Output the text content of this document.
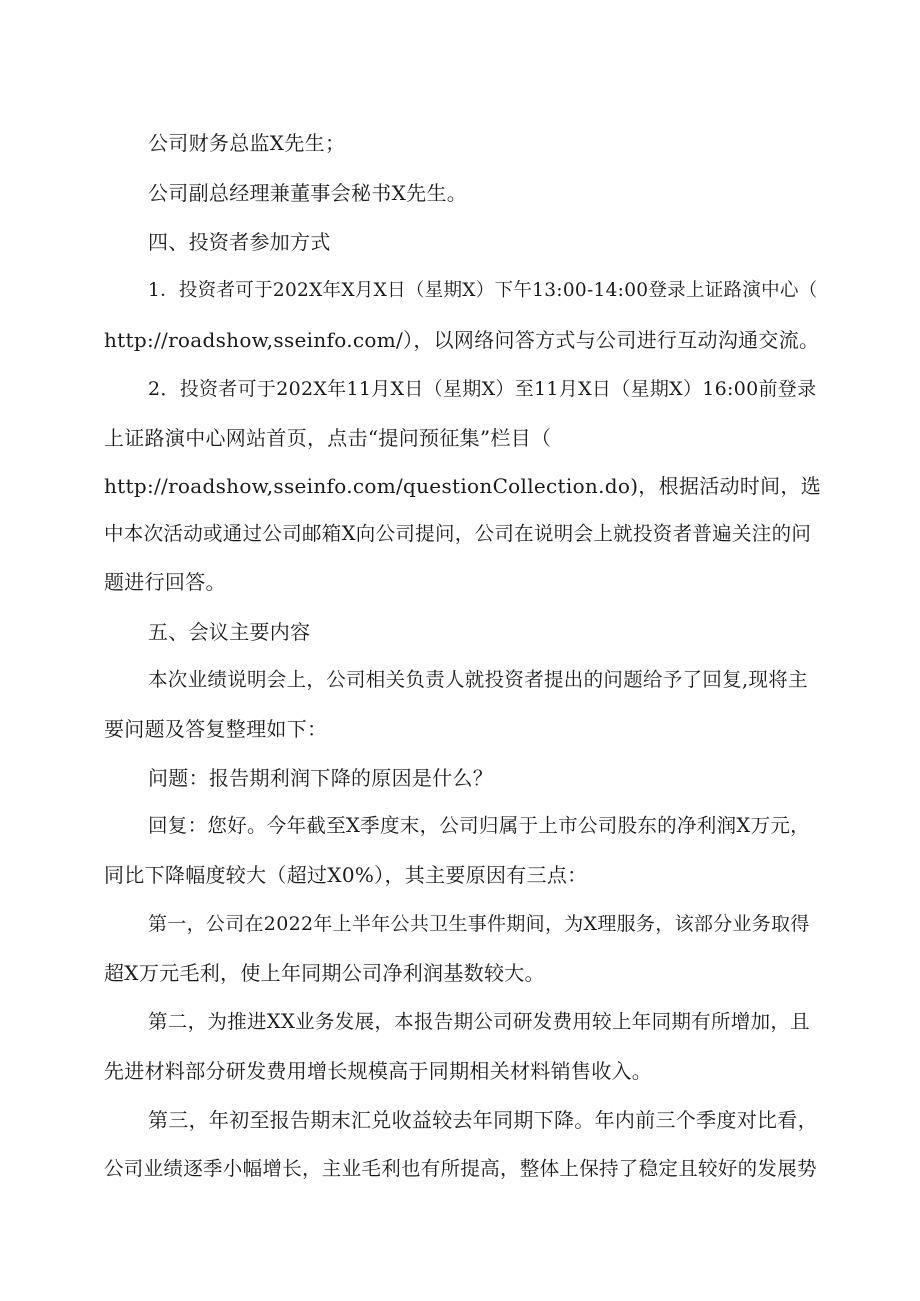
公司财务总监X先生；
公司副总经理兼董事会秘书X先生。
四、投资者参加方式
1．投资者可于202X年X月X日（星期X）下午13:00-14:00登录上证路演中心（
http://roadshow,sseinfo.com/），以网络问答方式与公司进行互动沟通交流。
2．投资者可于202X年11月X日（星期X）至11月X日（星期X）16:00前登录
上证路演中心网站首页，点击“提问预征集”栏目（
http://roadshow,sseinfo.com/questionCollection.do)，根据活动时间，选
中本次活动或通过公司邮箱X向公司提问，公司在说明会上就投资者普遍关注的问
题进行回答。
五、会议主要内容
本次业绩说明会上，公司相关负责人就投资者提出的问题给予了回复,现将主
要问题及答复整理如下：
问题：报告期利润下降的原因是什么？
回复：您好。今年截至X季度末，公司归属于上市公司股东的净利润X万元，
同比下降幅度较大（超过X0%），其主要原因有三点：
第一，公司在2022年上半年公共卫生事件期间，为X理服务，该部分业务取得
超X万元毛利，使上年同期公司净利润基数较大。
第二，为推进XX业务发展，本报告期公司研发费用较上年同期有所增加，且
先进材料部分研发费用增长规模高于同期相关材料销售收入。
第三，年初至报告期末汇兑收益较去年同期下降。年内前三个季度对比看，
公司业绩逐季小幅增长，主业毛利也有所提高，整体上保持了稳定且较好的发展势
